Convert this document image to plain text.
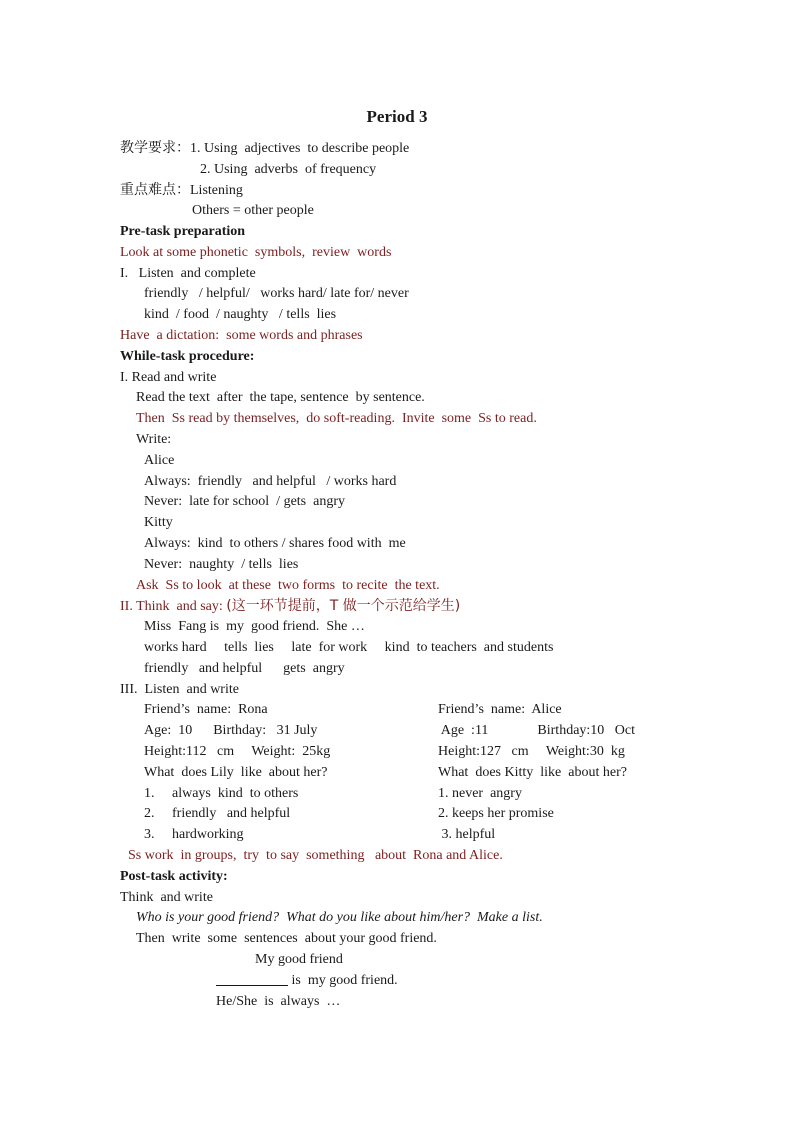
Period 3
教学要求：1. Using  adjectives  to describe people
2. Using  adverbs  of frequency
重点难点：Listening
Others = other people
Pre-task preparation
Look at some phonetic  symbols,  review  words
I.   Listen  and complete
friendly   / helpful/   works hard/ late for/ never
kind  / food  / naughty   / tells  lies
Have  a dictation:  some words and phrases
While-task procedure:
I. Read and write
Read the text  after  the tape, sentence  by sentence.
Then  Ss read by themselves,  do soft-reading.  Invite  some  Ss to read.
Write:
Alice
Always:  friendly   and helpful   / works hard
Never:  late for school  / gets  angry
Kitty
Always:  kind  to others / shares food with  me
Never:  naughty  / tells  lies
Ask  Ss to look  at these  two forms  to recite  the text.
II. Think  and say: (这一环节提前，T 做一个示范给学生)
Miss  Fang is  my  good friend.  She …
works hard     tells  lies     late  for work     kind  to teachers  and students
friendly   and helpful      gets  angry
III.  Listen  and write
Friend’s  name:  Rona
Age:  10      Birthday:   31 July
Height:112   cm     Weight:  25kg
What  does Lily  like  about her?
1.     always  kind  to others
2.     friendly   and helpful
3.     hardworking
Friend’s  name:  Alice
Age  :11              Birthday:10   Oct
Height:127   cm     Weight:30  kg
What  does Kitty  like  about her?
1. never  angry
2. keeps her promise
3. helpful
Ss work  in groups,  try  to say  something   about  Rona and Alice.
Post-task activity:
Think  and write
Who is your good friend?  What do you like about him/her?  Make a list.
Then  write  some  sentences  about your good friend.
My good friend
is  my good friend.
He/She  is  always  …
